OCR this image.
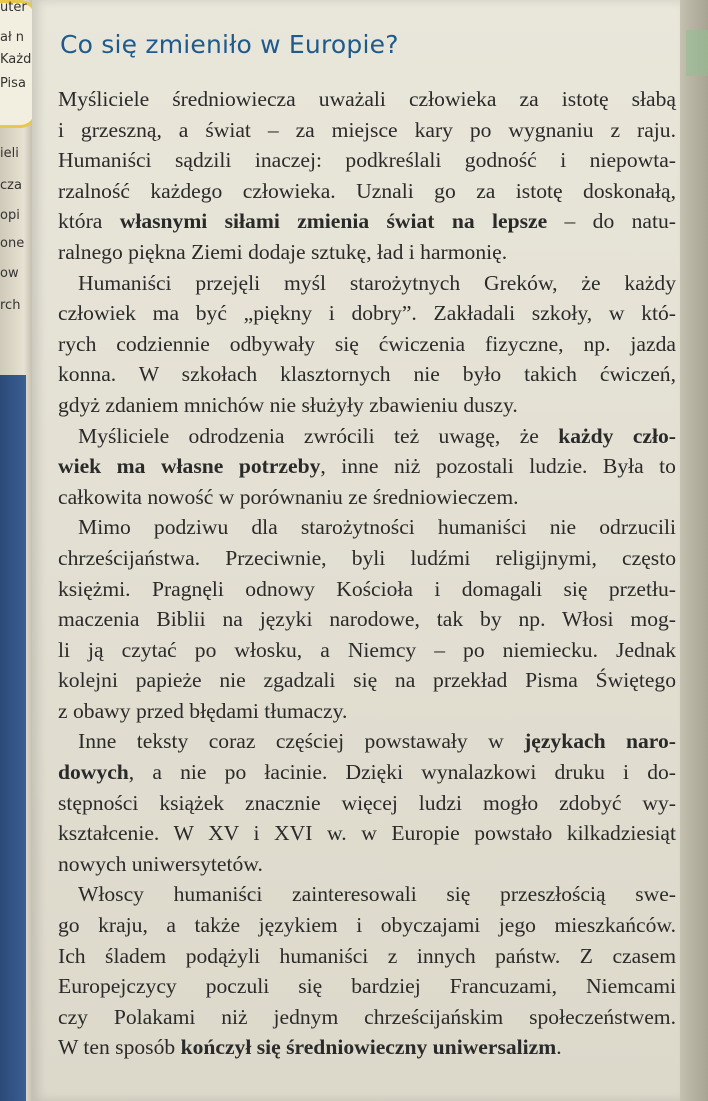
uter
ał n
Każd
Pisa
ieli
cza
opi
one
ow
rch
Co się zmieniło w Europie?
Myśliciele średniowiecza uważali człowieka za istotę słabą
i grzeszną, a świat – za miejsce kary po wygnaniu z raju.
Humaniści sądzili inaczej: podkreślali godność i niepowta-
rzalność każdego człowieka. Uznali go za istotę doskonałą,
która własnymi siłami zmienia świat na lepsze – do natu-
ralnego piękna Ziemi dodaje sztukę, ład i harmonię.
Humaniści przejęli myśl starożytnych Greków, że każdy
człowiek ma być „piękny i dobry”. Zakładali szkoły, w któ-
rych codziennie odbywały się ćwiczenia fizyczne, np. jazda
konna. W szkołach klasztornych nie było takich ćwiczeń,
gdyż zdaniem mnichów nie służyły zbawieniu duszy.
Myśliciele odrodzenia zwrócili też uwagę, że każdy czło-
wiek ma własne potrzeby, inne niż pozostali ludzie. Była to
całkowita nowość w porównaniu ze średniowieczem.
Mimo podziwu dla starożytności humaniści nie odrzucili
chrześcijaństwa. Przeciwnie, byli ludźmi religijnymi, często
księżmi. Pragnęli odnowy Kościoła i domagali się przetłu-
maczenia Biblii na języki narodowe, tak by np. Włosi mog-
li ją czytać po włosku, a Niemcy – po niemiecku. Jednak
kolejni papieże nie zgadzali się na przekład Pisma Świętego
z obawy przed błędami tłumaczy.
Inne teksty coraz częściej powstawały w językach naro-
dowych, a nie po łacinie. Dzięki wynalazkowi druku i do-
stępności książek znacznie więcej ludzi mogło zdobyć wy-
kształcenie. W XV i XVI w. w Europie powstało kilkadziesiąt
nowych uniwersytetów.
Włoscy humaniści zainteresowali się przeszłością swe-
go kraju, a także językiem i obyczajami jego mieszkańców.
Ich śladem podążyli humaniści z innych państw. Z czasem
Europejczycy poczuli się bardziej Francuzami, Niemcami
czy Polakami niż jednym chrześcijańskim społeczeństwem.
W ten sposób kończył się średniowieczny uniwersalizm.
